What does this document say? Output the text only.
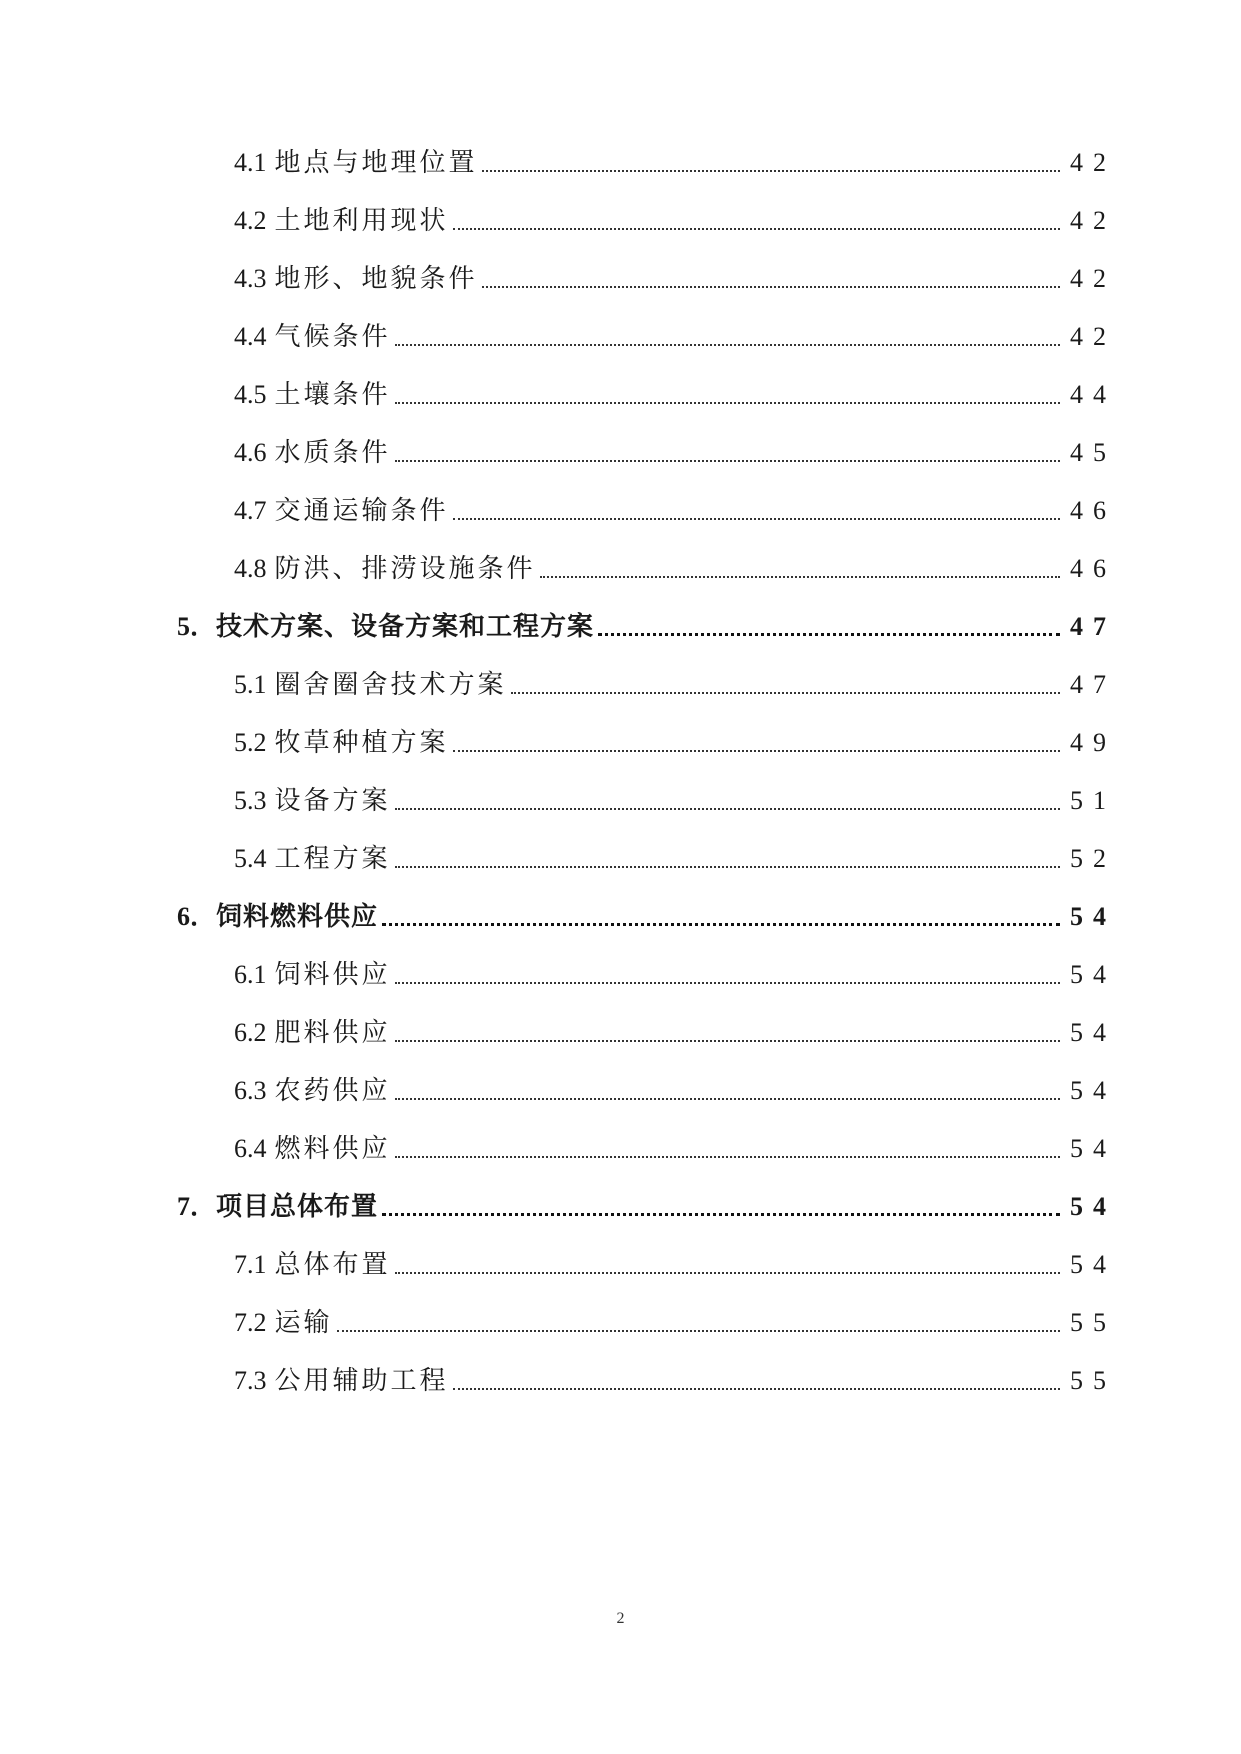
4.1 地点与地理位置	42
4.2 土地利用现状	42
4.3 地形、地貌条件	42
4.4 气候条件	42
4.5 土壤条件	44
4.6 水质条件	45
4.7 交通运输条件	46
4.8 防洪、排涝设施条件	46
5．技术方案、设备方案和工程方案	47
5.1 圈舍圈舍技术方案	47
5.2 牧草种植方案	49
5.3 设备方案	51
5.4 工程方案	52
6．饲料燃料供应	54
6.1 饲料供应	54
6.2 肥料供应	54
6.3 农药供应	54
6.4 燃料供应	54
7．项目总体布置	54
7.1 总体布置	54
7.2 运输	55
7.3 公用辅助工程	55
2
